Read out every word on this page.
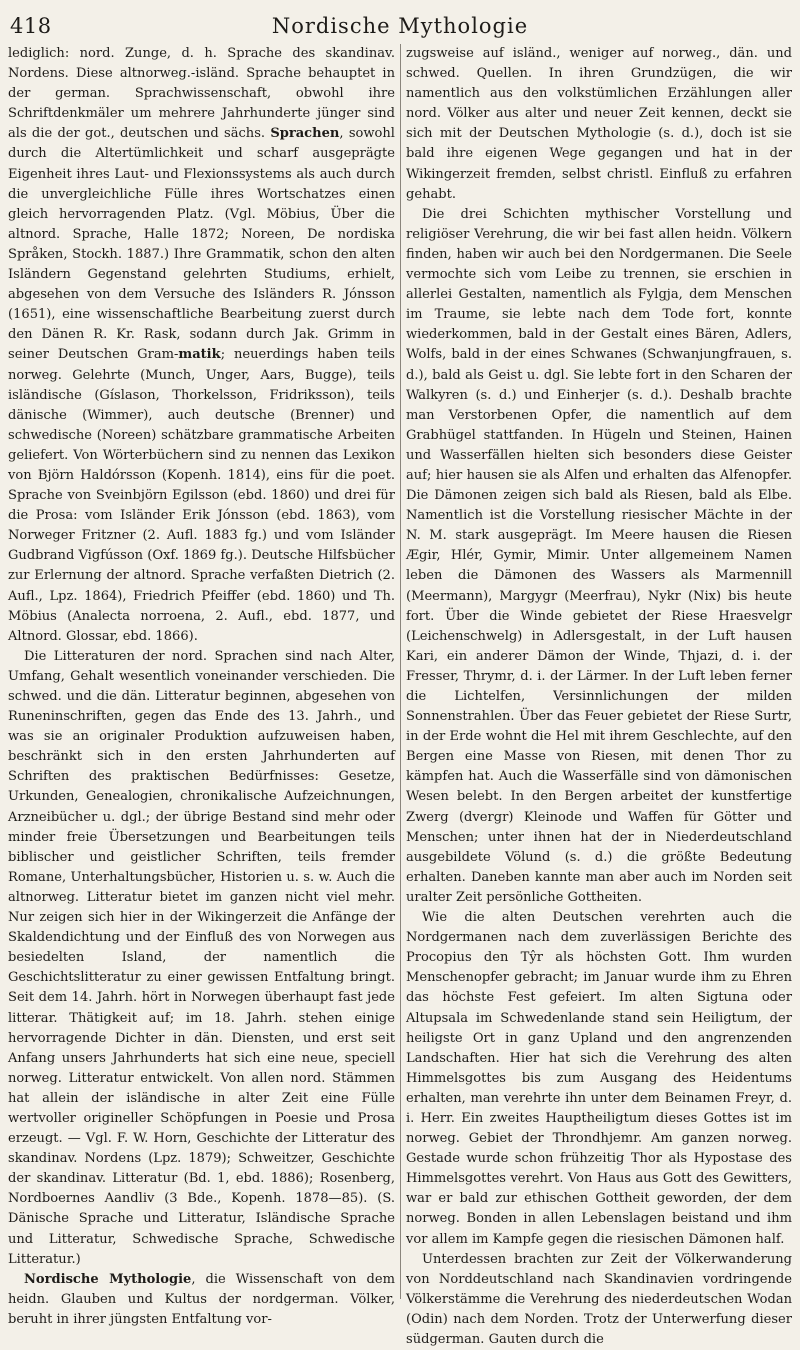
418	Nordische Mythologie

lediglich: nord. Zunge, d. h. Sprache des skandinav. Nordens. Diese altnorweg.-isländ. Sprache behauptet in der german. Sprachwissenschaft, obwohl ihre Schriftdenkmäler um mehrere Jahrhunderte jünger sind als die der got., deutschen und sächs. Sprachen, sowohl durch die Altertümlichkeit und scharf ausgeprägte Eigenheit ihres Laut- und Flexionssystems als auch durch die unvergleichliche Fülle ihres Wortschatzes einen gleich hervorragenden Platz. (Vgl. Möbius, Über die altnord. Sprache, Halle 1872; Noreen, De nordiska Språken, Stockh. 1887.) Ihre Grammatik, schon den alten Isländern Gegenstand gelehrten Studiums, erhielt, abgesehen von dem Versuche des Isländers R. Jónsson (1651), eine wissenschaftliche Bearbeitung zuerst durch den Dänen R. Kr. Rask, sodann durch Jak. Grimm in seiner Deutschen Gram-matik; neuerdings haben teils norweg. Gelehrte (Munch, Unger, Aars, Bugge), teils isländische (Gíslason, Thorkelsson, Fridriksson), teils dänische (Wimmer), auch deutsche (Brenner) und schwedische (Noreen) schätzbare grammatische Arbeiten geliefert. Von Wörterbüchern sind zu nennen das Lexikon von Björn Haldórsson (Kopenh. 1814), eins für die poet. Sprache von Sveinbjörn Egilsson (ebd. 1860) und drei für die Prosa: vom Isländer Erik Jónsson (ebd. 1863), vom Norweger Fritzner (2. Aufl. 1883 fg.) und vom Isländer Gudbrand Vigfússon (Oxf. 1869 fg.). Deutsche Hilfsbücher zur Erlernung der altnord. Sprache verfaßten Dietrich (2. Aufl., Lpz. 1864), Friedrich Pfeiffer (ebd. 1860) und Th. Möbius (Analecta norroena, 2. Aufl., ebd. 1877, und Altnord. Glossar, ebd. 1866).

Die Litteraturen der nord. Sprachen sind nach Alter, Umfang, Gehalt wesentlich voneinander verschieden. Die schwed. und die dän. Litteratur beginnen, abgesehen von Runeninschriften, gegen das Ende des 13. Jahrh., und was sie an originaler Produktion aufzuweisen haben, beschränkt sich in den ersten Jahrhunderten auf Schriften des praktischen Bedürfnisses: Gesetze, Urkunden, Genealogien, chronikalische Aufzeichnungen, Arzneibücher u. dgl.; der übrige Bestand sind mehr oder minder freie Übersetzungen und Bearbeitungen teils biblischer und geistlicher Schriften, teils fremder Romane, Unterhaltungsbücher, Historien u. s. w. Auch die altnorweg. Litteratur bietet im ganzen nicht viel mehr. Nur zeigen sich hier in der Wikingerzeit die Anfänge der Skaldendichtung und der Einfluß des von Norwegen aus besiedelten Island, der namentlich die Geschichtslitteratur zu einer gewissen Entfaltung bringt. Seit dem 14. Jahrh. hört in Norwegen überhaupt fast jede litterar. Thätigkeit auf; im 18. Jahrh. stehen einige hervorragende Dichter in dän. Diensten, und erst seit Anfang unsers Jahrhunderts hat sich eine neue, speciell norweg. Litteratur entwickelt. Von allen nord. Stämmen hat allein der isländische in alter Zeit eine Fülle wertvoller origineller Schöpfungen in Poesie und Prosa erzeugt. — Vgl. F. W. Horn, Geschichte der Litteratur des skandinav. Nordens (Lpz. 1879); Schweitzer, Geschichte der skandinav. Litteratur (Bd. 1, ebd. 1886); Rosenberg, Nordboernes Aandliv (3 Bde., Kopenh. 1878—85). (S. Dänische Sprache und Litteratur, Isländische Sprache und Litteratur, Schwedische Sprache, Schwedische Litteratur.)

Nordische Mythologie, die Wissenschaft von dem heidn. Glauben und Kultus der nordgerman. Völker, beruht in ihrer jüngsten Entfaltung vor-

zugsweise auf isländ., weniger auf norweg., dän. und schwed. Quellen. In ihren Grundzügen, die wir namentlich aus den volkstümlichen Erzählungen aller nord. Völker aus alter und neuer Zeit kennen, deckt sie sich mit der Deutschen Mythologie (s. d.), doch ist sie bald ihre eigenen Wege gegangen und hat in der Wikingerzeit fremden, selbst christl. Einfluß zu erfahren gehabt.

Die drei Schichten mythischer Vorstellung und religiöser Verehrung, die wir bei fast allen heidn. Völkern finden, haben wir auch bei den Nordgermanen. Die Seele vermochte sich vom Leibe zu trennen, sie erschien in allerlei Gestalten, namentlich als Fylgja, dem Menschen im Traume, sie lebte nach dem Tode fort, konnte wiederkommen, bald in der Gestalt eines Bären, Adlers, Wolfs, bald in der eines Schwanes (Schwanjungfrauen, s. d.), bald als Geist u. dgl. Sie lebte fort in den Scharen der Walkyren (s. d.) und Einherjer (s. d.). Deshalb brachte man Verstorbenen Opfer, die namentlich auf dem Grabhügel stattfanden. In Hügeln und Steinen, Hainen und Wasserfällen hielten sich besonders diese Geister auf; hier hausen sie als Alfen und erhalten das Alfenopfer. Die Dämonen zeigen sich bald als Riesen, bald als Elbe. Namentlich ist die Vorstellung riesischer Mächte in der N. M. stark ausgeprägt. Im Meere hausen die Riesen Ægir, Hlér, Gymir, Mimir. Unter allgemeinem Namen leben die Dämonen des Wassers als Marmennill (Meermann), Margygr (Meerfrau), Nykr (Nix) bis heute fort. Über die Winde gebietet der Riese Hraesvelgr (Leichenschwelg) in Adlersgestalt, in der Luft hausen Kari, ein anderer Dämon der Winde, Thjazi, d. i. der Fresser, Thrymr, d. i. der Lärmer. In der Luft leben ferner die Lichtelfen, Versinnlichungen der milden Sonnenstrahlen. Über das Feuer gebietet der Riese Surtr, in der Erde wohnt die Hel mit ihrem Geschlechte, auf den Bergen eine Masse von Riesen, mit denen Thor zu kämpfen hat. Auch die Wasserfälle sind von dämonischen Wesen belebt. In den Bergen arbeitet der kunstfertige Zwerg (dvergr) Kleinode und Waffen für Götter und Menschen; unter ihnen hat der in Niederdeutschland ausgebildete Völund (s. d.) die größte Bedeutung erhalten. Daneben kannte man aber auch im Norden seit uralter Zeit persönliche Gottheiten.

Wie die alten Deutschen verehrten auch die Nordgermanen nach dem zuverlässigen Berichte des Procopius den Tŷr als höchsten Gott. Ihm wurden Menschenopfer gebracht; im Januar wurde ihm zu Ehren das höchste Fest gefeiert. Im alten Sigtuna oder Altupsala im Schwedenlande stand sein Heiligtum, der heiligste Ort in ganz Upland und den angrenzenden Landschaften. Hier hat sich die Verehrung des alten Himmelsgottes bis zum Ausgang des Heidentums erhalten, man verehrte ihn unter dem Beinamen Freyr, d. i. Herr. Ein zweites Hauptheiligtum dieses Gottes ist im norweg. Gebiet der Throndhjemr. Am ganzen norweg. Gestade wurde schon frühzeitig Thor als Hypostase des Himmelsgottes verehrt. Von Haus aus Gott des Gewitters, war er bald zur ethischen Gottheit geworden, der dem norweg. Bonden in allen Lebenslagen beistand und ihm vor allem im Kampfe gegen die riesischen Dämonen half.

Unterdessen brachten zur Zeit der Völkerwanderung von Norddeutschland nach Skandinavien vordringende Völkerstämme die Verehrung des niederdeutschen Wodan (Odin) nach dem Norden. Trotz der Unterwerfung dieser südgerman. Gauten durch die
